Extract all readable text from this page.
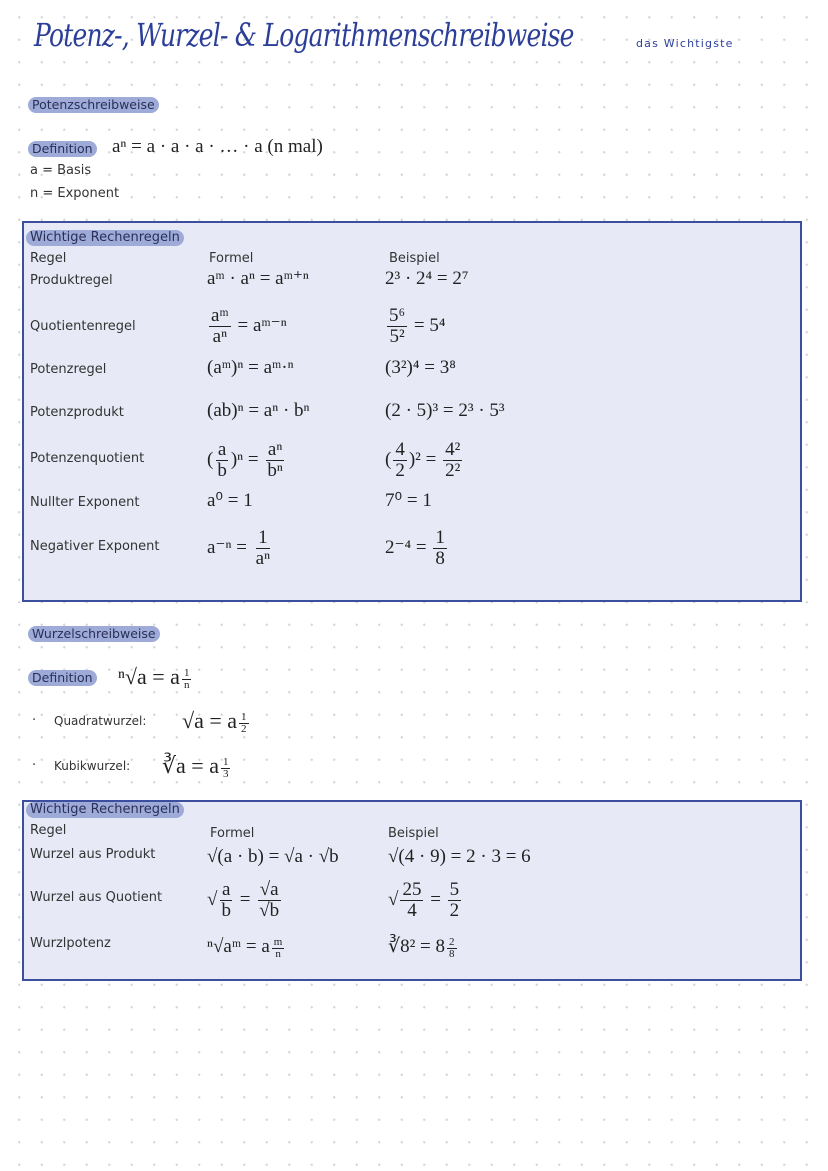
Potenz-, Wurzel- & Logarithmenschreibweise	das Wichtigste
Potenzschreibweise
Definition aⁿ = a · a · a · … · a (n mal)
a = Basis
n = Exponent
Wichtige Rechenregeln
Regel	Formel	Beispiel
Produktregel	aᵐ · aⁿ = aᵐ⁺ⁿ	2³ · 2⁴ = 2⁷
Quotientenregel	$\frac{\text{aᵐ}}{\text{aⁿ}}$ = aᵐ⁻ⁿ	$\frac{\text{5⁶}}{\text{5²}} = 5^4$
Potenzregel	(aᵐ)ⁿ = aᵐ·ⁿ	(3²)⁴ = 3⁸
Potenzprodukt	(ab)ⁿ = aⁿ · bⁿ	(2 · 5)³ = 2³ · 5³
Potenzenquotient	( $\frac{a}{b} )^n = \frac{\text{aⁿ}}{\text{bⁿ}}$	( $\frac{4}{2} )^2 = \frac{\text{4²}}{\text{2²}}$
Nullter Exponent	a⁰ = 1	7⁰ = 1
Negativer Exponent $a^{-n} = \frac{1}{\text{aⁿ}}$	$2^{-4} = \frac{1}{8}$
Wurzelschreibweise
Definition ⁿ√a = a $\frac{1}{n}$
· Quadratwurzel: √a = a $\frac{1}{2}$
· Kubikwurzel: ∛a = a $\frac{1}{3}$
Wichtige Rechenregeln
Regel	Formel	Beispiel
Wurzel aus Produkt	√(a · b) = √a · √b	√(4 · 9) = 2 · 3 = 6
Wurzel aus Quotient √ $\frac{a}{b} = \frac{√a}{√b}$	√ $\frac{25}{4} = \frac{5}{2}$
Wurzlpotenz	ⁿ√aᵐ = a $\frac{m}{n}$	∛8² = $8 \frac{2}{8}$
